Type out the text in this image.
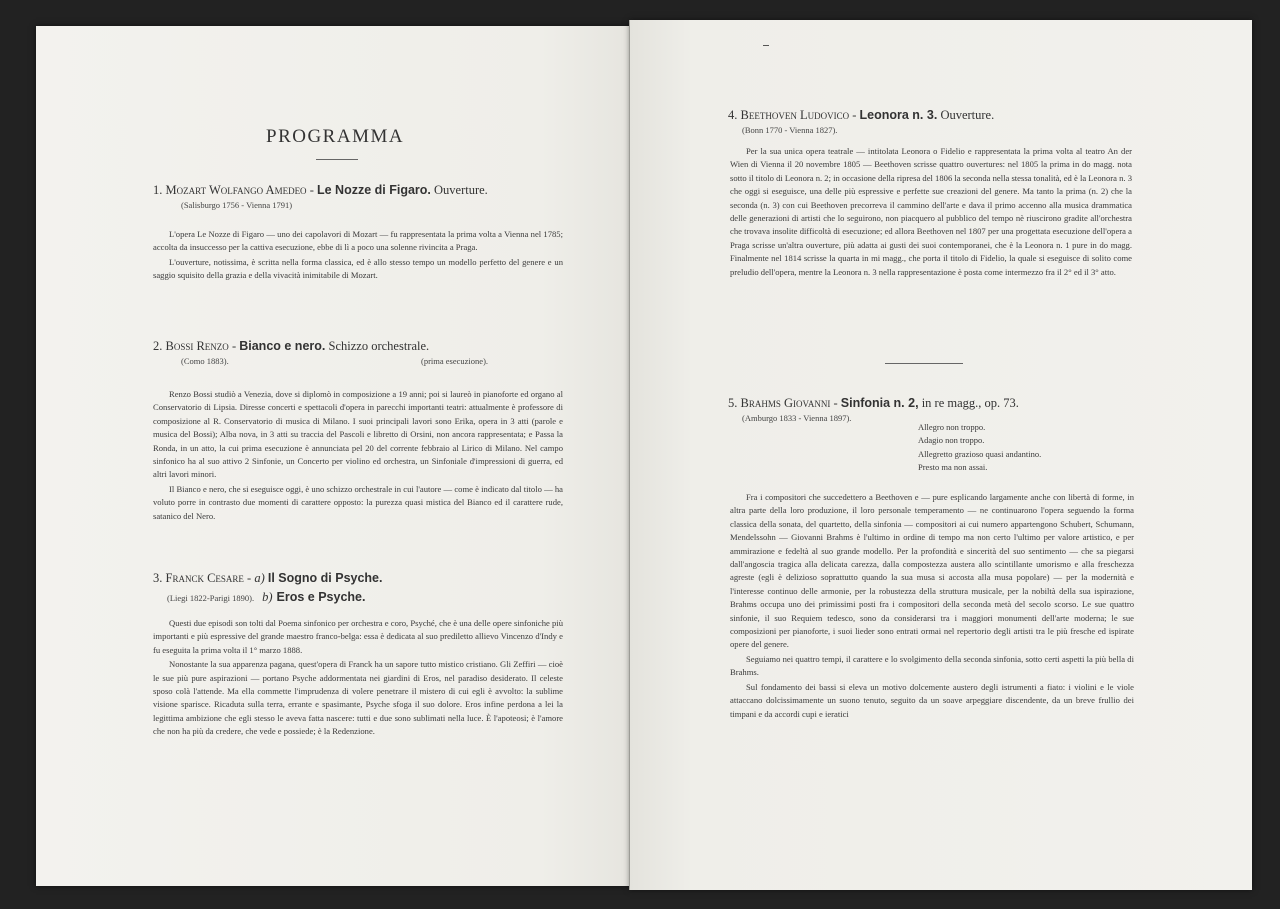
PROGRAMMA
1. Mozart Wolfango Amedeo - Le Nozze di Figaro. Ouverture.
(Salisburgo 1756 - Vienna 1791)

L'opera Le Nozze di Figaro — uno dei capolavori di Mozart — fu rappresentata la prima volta a Vienna nel 1785; accolta da insuccesso per la cattiva esecuzione, ebbe di lì a poco una solenne rivincita a Praga.

L'ouverture, notissima, è scritta nella forma classica, ed è allo stesso tempo un modello perfetto del genere e un saggio squisito della grazia e della vivacità inimitabile di Mozart.

2. Bossi Renzo - Bianco e nero. Schizzo orchestrale.
(Como 1883).	(prima esecuzione).

Renzo Bossi studiò a Venezia, dove si diplomò in composizione a 19 anni; poi si laureò in pianoforte ed organo al Conservatorio di Lipsia. Diresse concerti e spettacoli d'opera in parecchi importanti teatri: attualmente è professore di composizione al R. Conservatorio di musica di Milano. I suoi principali lavori sono Erika, opera in 3 atti (parole e musica del Bossi); Alba nova, in 3 atti su traccia del Pascoli e libretto di Orsini, non ancora rappresentata; e Passa la Ronda, in un atto, la cui prima esecuzione è annunciata pel 20 del corrente febbraio al Lirico di Milano. Nel campo sinfonico ha al suo attivo 2 Sinfonie, un Concerto per violino ed orchestra, un Sinfoniale d'impressioni di guerra, ed altri lavori minori.

Il Bianco e nero, che si eseguisce oggi, è uno schizzo orchestrale in cui l'autore — come è indicato dal titolo — ha voluto porre in contrasto due momenti di carattere opposto: la purezza quasi mistica del Bianco ed il carattere rude, satanico del Nero.

3. Franck Cesare - a) Il Sogno di Psyche.
(Liegi 1822-Parigi 1890). b) Eros e Psyche.

Questi due episodi son tolti dal Poema sinfonico per orchestra e coro, Psyché, che è una delle opere sinfoniche più importanti e più espressive del grande maestro franco-belga: essa è dedicata al suo prediletto allievo Vincenzo d'Indy e fu eseguita la prima volta il 1° marzo 1888.

Nonostante la sua apparenza pagana, quest'opera di Franck ha un sapore tutto mistico cristiano. Gli Zeffiri — cioè le sue più pure aspirazioni — portano Psyche addormentata nei giardini di Eros, nel paradiso desiderato. Il celeste sposo colà l'attende. Ma ella commette l'imprudenza di volere penetrare il mistero di cui egli è avvolto: la sublime visione sparisce. Ricaduta sulla terra, errante e spasimante, Psyche sfoga il suo dolore. Eros infine perdona a lei la legittima ambizione che egli stesso le aveva fatta nascere: tutti e due sono sublimati nella luce. È l'apoteosi; è l'amore che non ha più da credere, che vede e possiede; è la Redenzione.

4. Beethoven Ludovico - Leonora n. 3. Ouverture.
(Bonn 1770 - Vienna 1827).

Per la sua unica opera teatrale — intitolata Leonora o Fidelio e rappresentata la prima volta al teatro An der Wien di Vienna il 20 novembre 1805 — Beethoven scrisse quattro ouvertures: nel 1805 la prima in do magg. nota sotto il titolo di Leonora n. 2; in occasione della ripresa del 1806 la seconda nella stessa tonalità, ed è la Leonora n. 3 che oggi si eseguisce, una delle più espressive e perfette sue creazioni del genere. Ma tanto la prima (n. 2) che la seconda (n. 3) con cui Beethoven precorreva il cammino dell'arte e dava il primo accenno alla musica drammatica delle generazioni di artisti che lo seguirono, non piacquero al pubblico del tempo nè riuscirono gradite all'orchestra che trovava insolite difficoltà di esecuzione; ed allora Beethoven nel 1807 per una progettata esecuzione dell'opera a Praga scrisse un'altra ouverture, più adatta ai gusti dei suoi contemporanei, che è la Leonora n. 1 pure in do magg. Finalmente nel 1814 scrisse la quarta in mi magg., che porta il titolo di Fidelio, la quale si eseguisce di solito come preludio dell'opera, mentre la Leonora n. 3 nella rappresentazione è posta come intermezzo fra il 2° ed il 3° atto.

5. Brahms Giovanni - Sinfonia n. 2, in re magg., op. 73.
(Amburgo 1833 - Vienna 1897).
Allegro non troppo.
Adagio non troppo.
Allegretto grazioso quasi andantino.
Presto ma non assai.

Fra i compositori che succedettero a Beethoven e — pure esplicando largamente anche con libertà di forme, in altra parte della loro produzione, il loro personale temperamento — ne continuarono l'opera seguendo la forma classica della sonata, del quartetto, della sinfonia — compositori ai cui numero appartengono Schubert, Schumann, Mendelssohn — Giovanni Brahms è l'ultimo in ordine di tempo ma non certo l'ultimo per valore artistico, e per ammirazione e fedeltà al suo grande modello. Per la profondità e sincerità del suo sentimento — che sa piegarsi dall'angoscia tragica alla delicata carezza, dalla compostezza austera allo scintillante umorismo e alla freschezza agreste (egli è delizioso soprattutto quando la sua musa si accosta alla musa popolare) — per la modernità e l'interesse continuo delle armonie, per la robustezza della struttura musicale, per la nobiltà della sua ispirazione, Brahms occupa uno dei primissimi posti fra i compositori della seconda metà del secolo scorso. Le sue quattro sinfonie, il suo Requiem tedesco, sono da considerarsi tra i maggiori monumenti dell'arte moderna; le sue composizioni per pianoforte, i suoi lieder sono entrati ormai nel repertorio degli artisti tra le più fresche ed ispirate opere del genere.

Seguiamo nei quattro tempi, il carattere e lo svolgimento della seconda sinfonia, sotto certi aspetti la più bella di Brahms.

Sul fondamento dei bassi si eleva un motivo dolcemente austero degli istrumenti a fiato: i violini e le viole attaccano dolcissimamente un suono tenuto, seguito da un soave arpeggiare discendente, da un breve frullio dei timpani e da accordi cupi e ieratici
